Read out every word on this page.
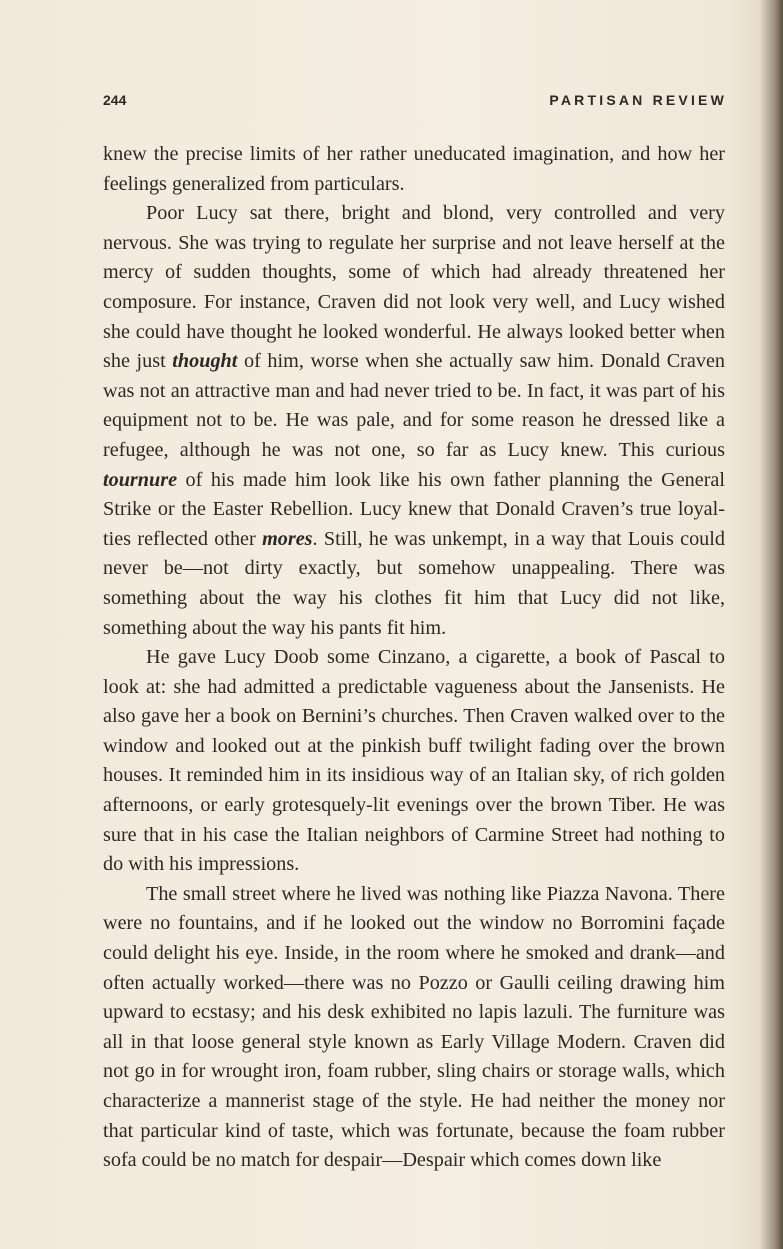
244	PARTISAN REVIEW

knew the precise limits of her rather uneducated imagination, and how her feelings generalized from particulars.

Poor Lucy sat there, bright and blond, very controlled and very nervous. She was trying to regulate her surprise and not leave herself at the mercy of sudden thoughts, some of which had already threatened her composure. For instance, Craven did not look very well, and Lucy wished she could have thought he looked wonderful. He always looked better when she just thought of him, worse when she actually saw him. Donald Craven was not an attractive man and had never tried to be. In fact, it was part of his equipment not to be. He was pale, and for some reason he dressed like a refugee, although he was not one, so far as Lucy knew. This curious tournure of his made him look like his own father planning the General Strike or the Easter Rebellion. Lucy knew that Donald Craven’s true loyalties reflected other mores. Still, he was unkempt, in a way that Louis could never be—not dirty exactly, but somehow unappealing. There was something about the way his clothes fit him that Lucy did not like, something about the way his pants fit him.

He gave Lucy Doob some Cinzano, a cigarette, a book of Pascal to look at: she had admitted a predictable vagueness about the Jansenists. He also gave her a book on Bernini’s churches. Then Craven walked over to the window and looked out at the pinkish buff twilight fading over the brown houses. It reminded him in its insidious way of an Italian sky, of rich golden afternoons, or early grotesquely-lit evenings over the brown Tiber. He was sure that in his case the Italian neighbors of Carmine Street had nothing to do with his impressions.

The small street where he lived was nothing like Piazza Navona. There were no fountains, and if he looked out the window no Borromini façade could delight his eye. Inside, in the room where he smoked and drank—and often actually worked—there was no Pozzo or Gaulli ceiling drawing him upward to ecstasy; and his desk exhibited no lapis lazuli. The furniture was all in that loose general style known as Early Village Modern. Craven did not go in for wrought iron, foam rubber, sling chairs or storage walls, which characterize a mannerist stage of the style. He had neither the money nor that particular kind of taste, which was fortunate, because the foam rubber sofa could be no match for despair—Despair which comes down like
